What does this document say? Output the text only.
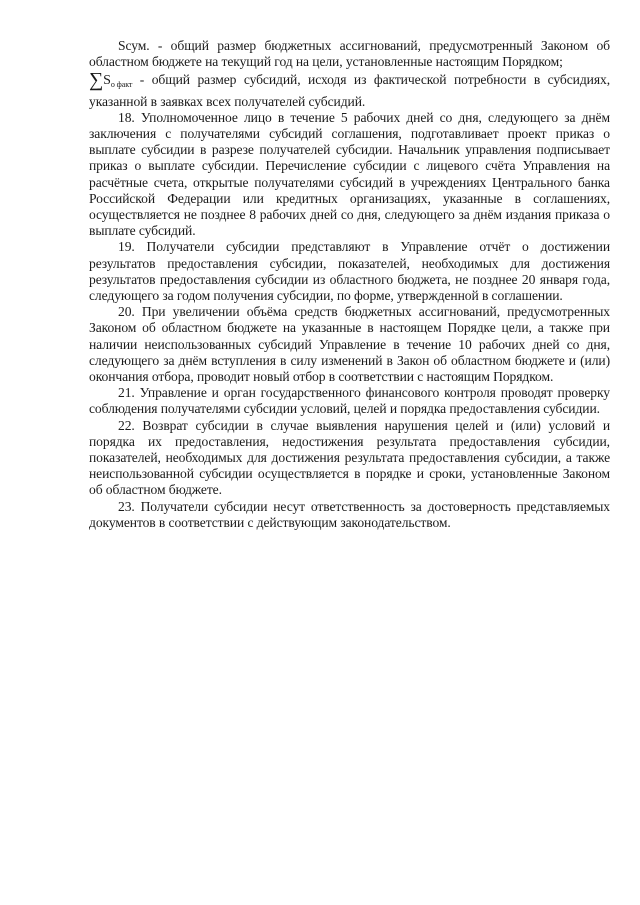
Sсум. - общий размер бюджетных ассигнований, предусмотренный Законом об областном бюджете на текущий год на цели, установленные настоящим Порядком;

$\sum S_{о факт}$ - общий размер субсидий, исходя из фактической потребности в субсидиях, указанной в заявках всех получателей субсидий.

18. Уполномоченное лицо в течение 5 рабочих дней со дня, следующего за днём заключения с получателями субсидий соглашения, подготавливает проект приказ о выплате субсидии в разрезе получателей субсидии. Начальник управления подписывает приказ о выплате субсидии. Перечисление субсидии с лицевого счёта Управления на расчётные счета, открытые получателями субсидий в учреждениях Центрального банка Российской Федерации или кредитных организациях, указанные в соглашениях, осуществляется не позднее 8 рабочих дней со дня, следующего за днём издания приказа о выплате субсидий.

19. Получатели субсидии представляют в Управление отчёт о достижении результатов предоставления субсидии, показателей, необходимых для достижения результатов предоставления субсидии из областного бюджета, не позднее 20 января года, следующего за годом получения субсидии, по форме, утвержденной в соглашении.

20. При увеличении объёма средств бюджетных ассигнований, предусмотренных Законом об областном бюджете на указанные в настоящем Порядке цели, а также при наличии неиспользованных субсидий Управление в течение 10 рабочих дней со дня, следующего за днём вступления в силу изменений в Закон об областном бюджете и (или) окончания отбора, проводит новый отбор в соответствии с настоящим Порядком.

21. Управление и орган государственного финансового контроля проводят проверку соблюдения получателями субсидии условий, целей и порядка предоставления субсидии.

22. Возврат субсидии в случае выявления нарушения целей и (или) условий и порядка их предоставления, недостижения результата предоставления субсидии, показателей, необходимых для достижения результата предоставления субсидии, а также неиспользованной субсидии осуществляется в порядке и сроки, установленные Законом об областном бюджете.

23. Получатели субсидии несут ответственность за достоверность представляемых документов в соответствии с действующим законодательством.
